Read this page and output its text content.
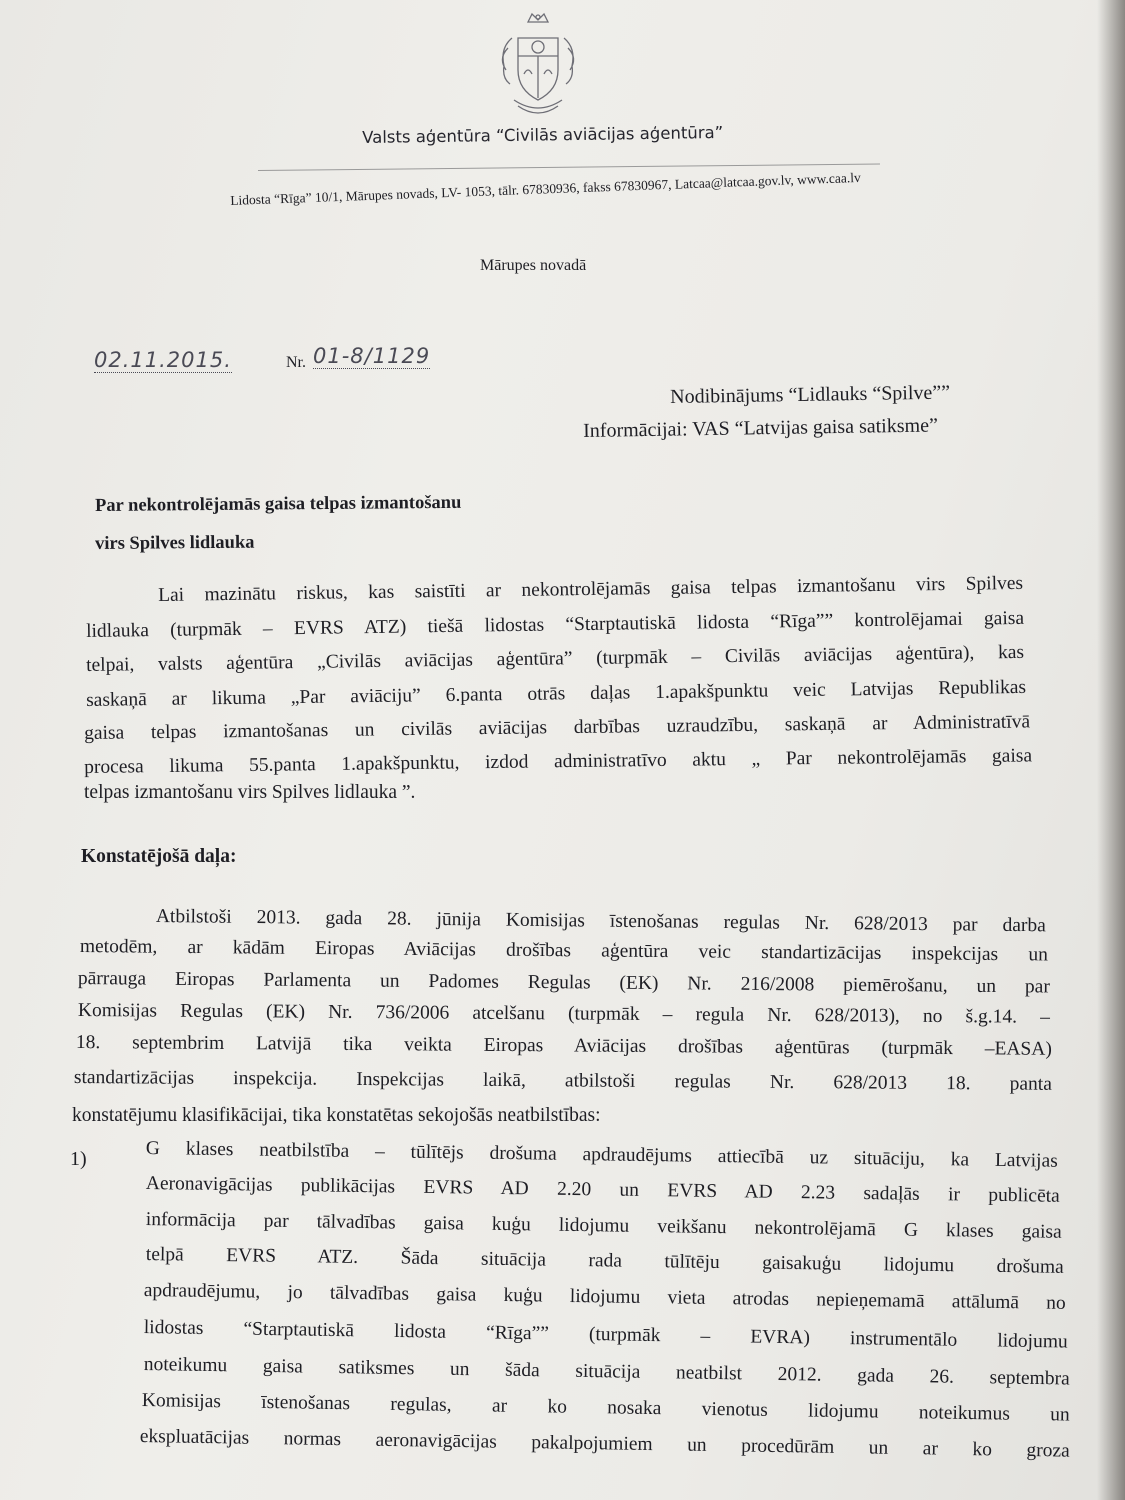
Valsts aģentūra “Civilās aviācijas aģentūra”
Lidosta “Rīga” 10/1, Mārupes novads, LV- 1053, tālr. 67830936, fakss 67830967, Latcaa@latcaa.gov.lv, www.caa.lv
Mārupes novadā
02.11.2015.	Nr. 01-8/1129
Nodibinājums “Lidlauks “Spilve””
Informācijai: VAS “Latvijas gaisa satiksme”
Par nekontrolējamās gaisa telpas izmantošanu
virs Spilves lidlauka
Lai mazinātu riskus, kas saistīti ar nekontrolējamās gaisa telpas izmantošanu virs Spilves
lidlauka (turpmāk – EVRS ATZ) tiešā lidostas “Starptautiskā lidosta “Rīga”” kontrolējamai gaisa
telpai, valsts aģentūra „Civilās aviācijas aģentūra” (turpmāk – Civilās aviācijas aģentūra), kas
saskaņā ar likuma „Par aviāciju” 6.panta otrās daļas 1.apakšpunktu veic Latvijas Republikas
gaisa telpas izmantošanas un civilās aviācijas darbības uzraudzību, saskaņā ar Administratīvā
procesa likuma 55.panta 1.apakšpunktu, izdod administratīvo aktu „ Par nekontrolējamās gaisa
telpas izmantošanu virs Spilves lidlauka ”.
Konstatējošā daļa:
Atbilstoši 2013. gada 28. jūnija Komisijas īstenošanas regulas Nr. 628/2013 par darba
metodēm, ar kādām Eiropas Aviācijas drošības aģentūra veic standartizācijas inspekcijas un
pārrauga Eiropas Parlamenta un Padomes Regulas (EK) Nr. 216/2008 piemērošanu, un par
Komisijas Regulas (EK) Nr. 736/2006 atcelšanu (turpmāk – regula Nr. 628/2013), no š.g.14. –
18. septembrim Latvijā tika veikta Eiropas Aviācijas drošības aģentūras (turpmāk –EASA)
standartizācijas inspekcija. Inspekcijas laikā, atbilstoši regulas Nr. 628/2013 18. panta
konstatējumu klasifikācijai, tika konstatētas sekojošās neatbilstības:
1)	G klases neatbilstība – tūlītējs drošuma apdraudējums attiecībā uz situāciju, ka Latvijas
Aeronavigācijas publikācijas EVRS AD 2.20 un EVRS AD 2.23 sadaļās ir publicēta
informācija par tālvadības gaisa kuģu lidojumu veikšanu nekontrolējamā G klases gaisa
telpā EVRS ATZ. Šāda situācija rada tūlītēju gaisakuģu lidojumu drošuma
apdraudējumu, jo tālvadības gaisa kuģu lidojumu vieta atrodas nepieņemamā attālumā no
lidostas “Starptautiskā lidosta “Rīga”” (turpmāk – EVRA) instrumentālo lidojumu
noteikumu gaisa satiksmes un šāda situācija neatbilst 2012. gada 26. septembra
Komisijas īstenošanas regulas, ar ko nosaka vienotus lidojumu noteikumus un
ekspluatācijas normas aeronavigācijas pakalpojumiem un procedūrām un ar ko groza
